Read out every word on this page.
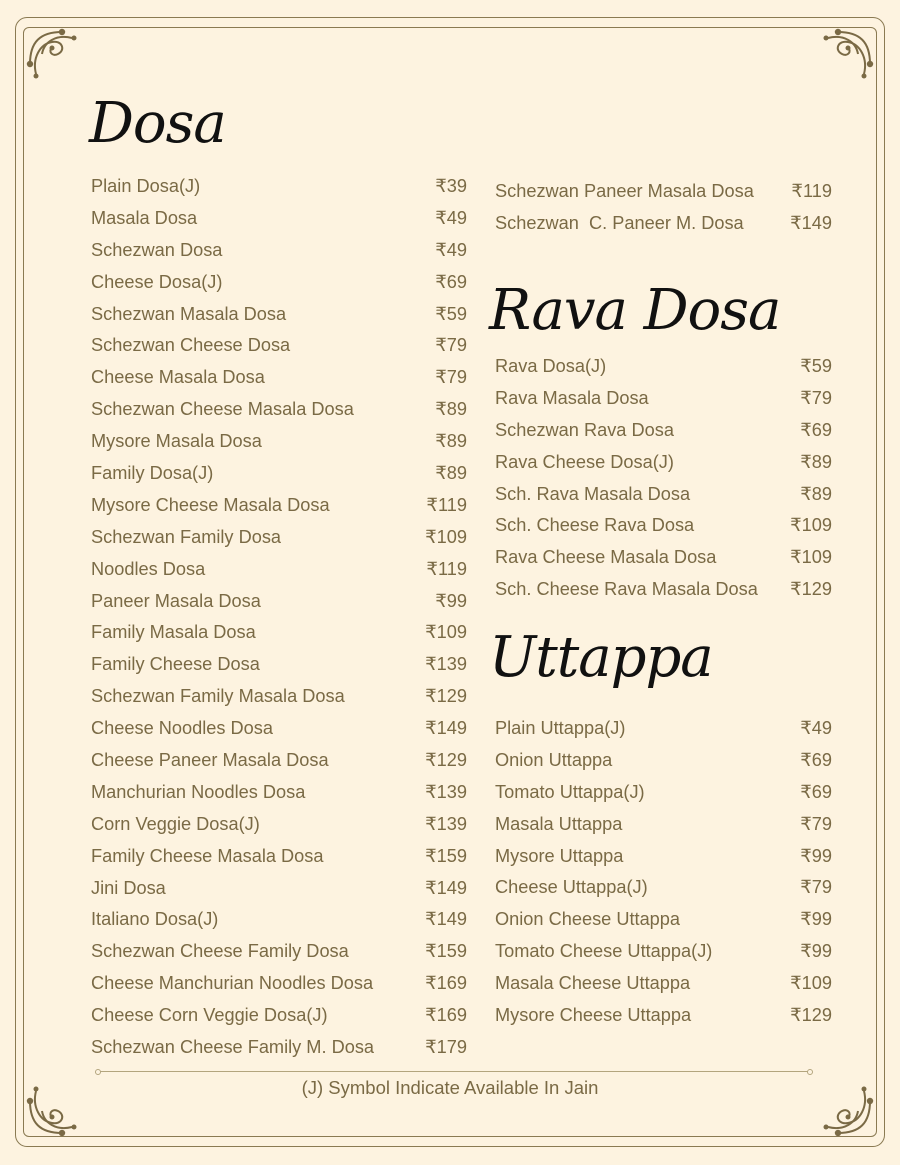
Dosa
Plain Dosa(J)	₹39
Masala Dosa	₹49
Schezwan Dosa	₹49
Cheese Dosa(J)	₹69
Schezwan Masala Dosa	₹59
Schezwan Cheese Dosa	₹79
Cheese Masala Dosa	₹79
Schezwan Cheese Masala Dosa	₹89
Mysore Masala Dosa	₹89
Family Dosa(J)	₹89
Mysore Cheese Masala Dosa	₹119
Schezwan Family Dosa	₹109
Noodles Dosa	₹119
Paneer Masala Dosa	₹99
Family Masala Dosa	₹109
Family Cheese Dosa	₹139
Schezwan Family Masala Dosa	₹129
Cheese Noodles Dosa	₹149
Cheese Paneer Masala Dosa	₹129
Manchurian Noodles Dosa	₹139
Corn Veggie Dosa(J)	₹139
Family Cheese Masala Dosa	₹159
Jini Dosa	₹149
Italiano Dosa(J)	₹149
Schezwan Cheese Family Dosa	₹159
Cheese Manchurian Noodles Dosa	₹169
Cheese Corn Veggie Dosa(J)	₹169
Schezwan Cheese Family M. Dosa	₹179
Schezwan Paneer Masala Dosa ₹119
Schezwan  C. Paneer M. Dosa	₹149
Rava Dosa
Rava Dosa(J)	₹59
Rava Masala Dosa	₹79
Schezwan Rava Dosa	₹69
Rava Cheese Dosa(J)	₹89
Sch. Rava Masala Dosa	₹89
Sch. Cheese Rava Dosa	₹109
Rava Cheese Masala Dosa	₹109
Sch. Cheese Rava Masala Dosa ₹129
Uttappa
Plain Uttappa(J)	₹49
Onion Uttappa	₹69
Tomato Uttappa(J)	₹69
Masala Uttappa	₹79
Mysore Uttappa	₹99
Cheese Uttappa(J)	₹79
Onion Cheese Uttappa	₹99
Tomato Cheese Uttappa(J)	₹99
Masala Cheese Uttappa	₹109
Mysore Cheese Uttappa	₹129
(J) Symbol Indicate Available In Jain
